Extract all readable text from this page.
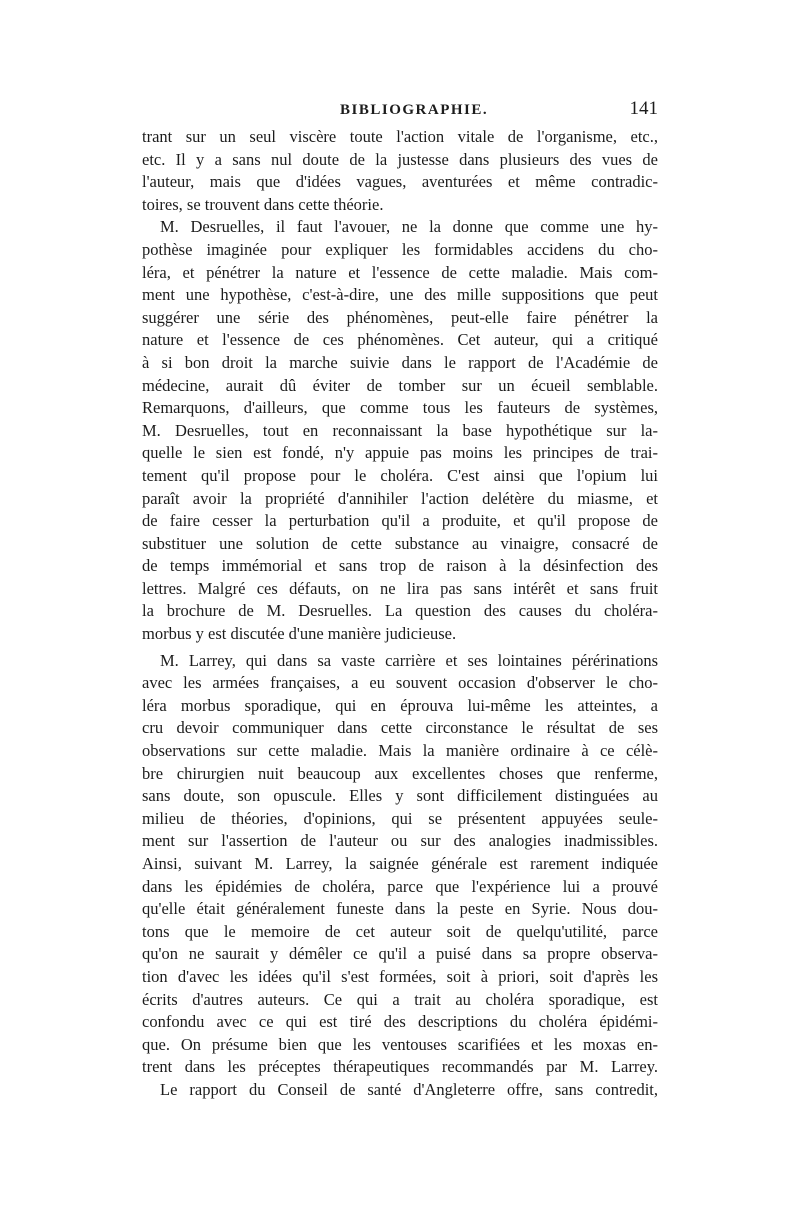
BIBLIOGRAPHIE.	141
trant sur un seul viscère toute l'action vitale de l'organisme, etc.,
etc. Il y a sans nul doute de la justesse dans plusieurs des vues de
l'auteur, mais que d'idées vagues, aventurées et même contradic-
toires, se trouvent dans cette théorie.
M. Desruelles, il faut l'avouer, ne la donne que comme une hy-
pothèse imaginée pour expliquer les formidables accidens du cho-
léra, et pénétrer la nature et l'essence de cette maladie. Mais com-
ment une hypothèse, c'est-à-dire, une des mille suppositions que peut
suggérer une série des phénomènes, peut-elle faire pénétrer la
nature et l'essence de ces phénomènes. Cet auteur, qui a critiqué
à si bon droit la marche suivie dans le rapport de l'Académie de
médecine, aurait dû éviter de tomber sur un écueil semblable.
Remarquons, d'ailleurs, que comme tous les fauteurs de systèmes,
M. Desruelles, tout en reconnaissant la base hypothétique sur la-
quelle le sien est fondé, n'y appuie pas moins les principes de trai-
tement qu'il propose pour le choléra. C'est ainsi que l'opium lui
paraît avoir la propriété d'annihiler l'action delétère du miasme, et
de faire cesser la perturbation qu'il a produite, et qu'il propose de
substituer une solution de cette substance au vinaigre, consacré de
de temps immémorial et sans trop de raison à la désinfection des
lettres. Malgré ces défauts, on ne lira pas sans intérêt et sans fruit
la brochure de M. Desruelles. La question des causes du choléra-
morbus y est discutée d'une manière judicieuse.
M. Larrey, qui dans sa vaste carrière et ses lointaines pérérinations
avec les armées françaises, a eu souvent occasion d'observer le cho-
léra morbus sporadique, qui en éprouva lui-même les atteintes, a
cru devoir communiquer dans cette circonstance le résultat de ses
observations sur cette maladie. Mais la manière ordinaire à ce célè-
bre chirurgien nuit beaucoup aux excellentes choses que renferme,
sans doute, son opuscule. Elles y sont difficilement distinguées au
milieu de théories, d'opinions, qui se présentent appuyées seule-
ment sur l'assertion de l'auteur ou sur des analogies inadmissibles.
Ainsi, suivant M. Larrey, la saignée générale est rarement indiquée
dans les épidémies de choléra, parce que l'expérience lui a prouvé
qu'elle était généralement funeste dans la peste en Syrie. Nous dou-
tons que le memoire de cet auteur soit de quelqu'utilité, parce
qu'on ne saurait y démêler ce qu'il a puisé dans sa propre observa-
tion d'avec les idées qu'il s'est formées, soit à priori, soit d'après les
écrits d'autres auteurs. Ce qui a trait au choléra sporadique, est
confondu avec ce qui est tiré des descriptions du choléra épidémi-
que. On présume bien que les ventouses scarifiées et les moxas en-
trent dans les préceptes thérapeutiques recommandés par M. Larrey.
Le rapport du Conseil de santé d'Angleterre offre, sans contredit,
